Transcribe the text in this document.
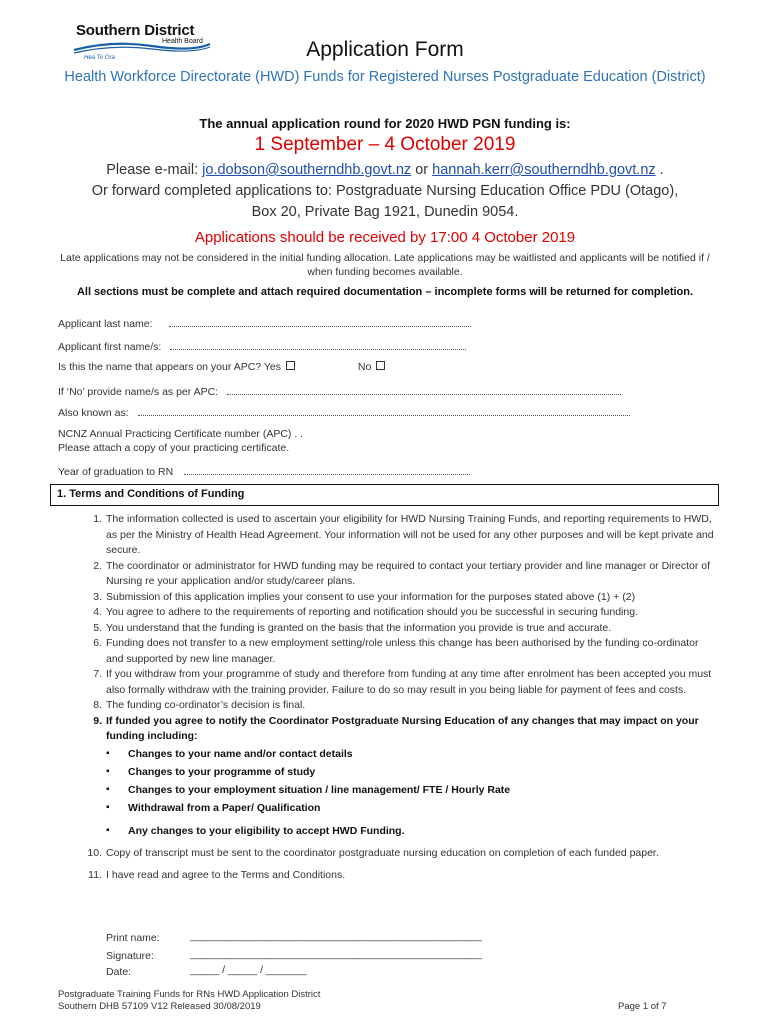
Southern District
Health Board
Hea To Ora	Application Form
Health Workforce Directorate (HWD) Funds for Registered Nurses Postgraduate Education (District)
The annual application round for 2020 HWD PGN funding is:
1 September – 4 October 2019
Please e-mail: jo.dobson@southerndhb.govt.nz or hannah.kerr@southerndhb.govt.nz .
Or forward completed applications to: Postgraduate Nursing Education Office PDU (Otago), Box 20, Private Bag 1921, Dunedin 9054.
Applications should be received by 17:00 4 October 2019
Late applications may not be considered in the initial funding allocation. Late applications may be waitlisted and applicants will be notified if / when funding becomes available.
All sections must be complete and attach required documentation – incomplete forms will be returned for completion.
Applicant last name:
Applicant first name/s:
Is this the name that appears on your APC? Yes	No
If ‘No’ provide name/s as per APC:
Also known as:
NCNZ Annual Practicing Certificate number (APC) . .
Please attach a copy of your practicing certificate.
Year of graduation to RN
1. Terms and Conditions of Funding
1. The information collected is used to ascertain your eligibility for HWD Nursing Training Funds, and reporting requirements to HWD, as per the Ministry of Health Head Agreement. Your information will not be used for any other purposes and will be kept private and secure.
2. The coordinator or administrator for HWD funding may be required to contact your tertiary provider and line manager or Director of Nursing re your application and/or study/career plans.
3. Submission of this application implies your consent to use your information for the purposes stated above (1) + (2)
4. You agree to adhere to the requirements of reporting and notification should you be successful in securing funding.
5. You understand that the funding is granted on the basis that the information you provide is true and accurate.
6. Funding does not transfer to a new employment setting/role unless this change has been authorised by the funding co-ordinator and supported by new line manager.
7. If you withdraw from your programme of study and therefore from funding at any time after enrolment has been accepted you must also formally withdraw with the training provider. Failure to do so may result in you being liable for payment of fees and costs.
8. The funding co-ordinator’s decision is final.
9. If funded you agree to notify the Coordinator Postgraduate Nursing Education of any changes that may impact on your funding including:
▪ Changes to your name and/or contact details
▪ Changes to your programme of study
▪ Changes to your employment situation / line management/ FTE / Hourly Rate
▪ Withdrawal from a Paper/ Qualification
▪ Any changes to your eligibility to accept HWD Funding.
10. Copy of transcript must be sent to the coordinator postgraduate nursing education on completion of each funded paper.
11. I have read and agree to the Terms and Conditions.
Print name:	__________________________________________________
Signature:	__________________________________________________
Date:	_____ / _____ / _______
Postgraduate Training Funds for RNs HWD Application District
Southern DHB 57109 V12 Released 30/08/2019	Page 1 of 7
